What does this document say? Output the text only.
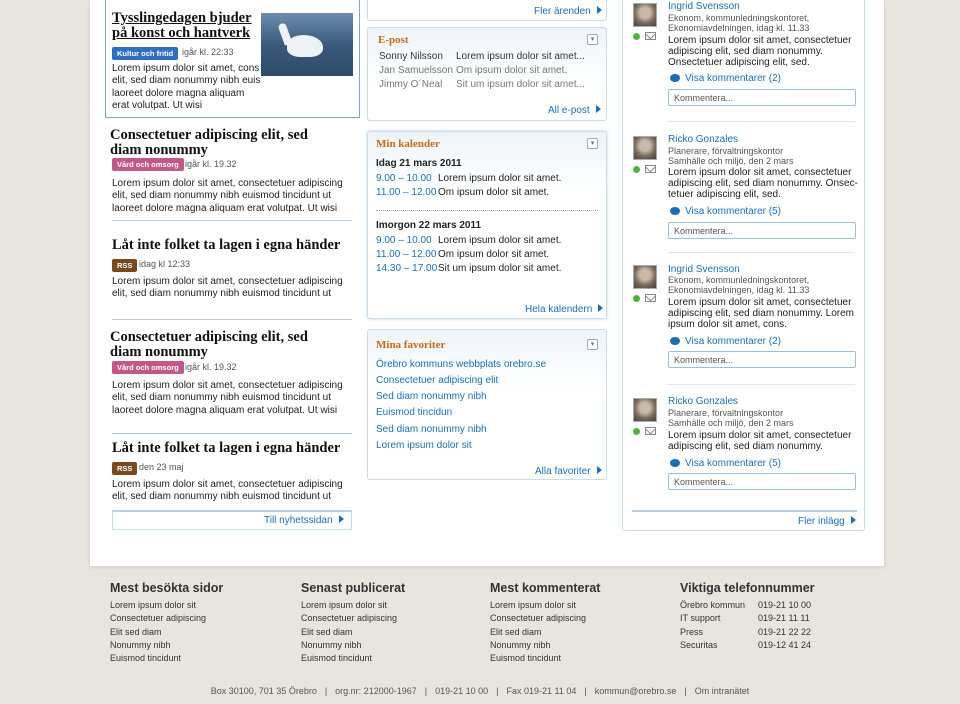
Tysslingedagen bjuder på konst och hantverk
Kultur och fritid igår kl. 22:33
Lorem ipsum dolor sit amet, cons elit, sed diam nonummy nibh euis laoreet dolore magna aliquam erat volutpat. Ut wisi
Consectetuer adipiscing elit, sed diam nonummy
Vård och omsorg igår kl. 19.32
Lorem ipsum dolor sit amet, consectetuer adipiscing elit, sed diam nonummy nibh euismod tincidunt ut laoreet dolore magna aliquam erat volutpat. Ut wisi
Låt inte folket ta lagen i egna händer
RSS idag kl 12:33
Lorem ipsum dolor sit amet, consectetuer adipiscing elit, sed diam nonummy nibh euismod tincidunt ut
Consectetuer adipiscing elit, sed diam nonummy
Vård och omsorg igår kl. 19.32
Lorem ipsum dolor sit amet, consectetuer adipiscing elit, sed diam nonummy nibh euismod tincidunt ut laoreet dolore magna aliquam erat volutpat. Ut wisi
Låt inte folket ta lagen i egna händer
RSS den 23 maj
Lorem ipsum dolor sit amet, consectetuer adipiscing elit, sed diam nonummy nibh euismod tincidunt ut
Till nyhetssidan
Fler ärenden
E-post	▾
Sonny Nilsson Lorem ipsum dolor sit amet...
Jan Samuelsson Om ipsum dolor sit amet.
Jimmy O´Neal Sit um ipsum dolor sit amet...
All e-post
Min kalender	▾
Idag 21 mars 2011
9.00 – 10.00 Lorem ipsum dolor sit amet.
11.00 – 12.00 Om ipsum dolor sit amet.
Imorgon 22 mars 2011
9.00 – 10.00 Lorem ipsum dolor sit amet.
11.00 – 12.00 Om ipsum dolor sit amet.
14.30 – 17.00Sit um ipsum dolor sit amet.
Hela kalendern
Mina favoriter	▾
Örebro kommuns webbplats orebro.se
Consectetuer adipiscing elit
Sed diam nonummy nibh
Euismod tincidun
Sed diam nonummy nibh
Lorem ipsum dolor sit
Alla favoriter
Ingrid Svensson
Ekonom, kommunledningskontoret,
Ekonomiavdelningen, idag kl. 11.33
Lorem ipsum dolor sit amet, consectetuer
adipiscing elit, sed diam nonummy.
Onsectetuer adipiscing elit, sed.
Visa kommentarer (2)
Kommentera...
Ricko Gonzales
Planerare, förvaltningskontor
Samhälle och miljö, den 2 mars
Lorem ipsum dolor sit amet, consectetuer
adipiscing elit, sed diam nonummy. Onsec-
tetuer adipiscing elit, sed.
Visa kommentarer (5)
Kommentera...
Ingrid Svensson
Ekonom, kommunledningskontoret,
Ekonomiavdelningen, idag kl. 11.33
Lorem ipsum dolor sit amet, consectetuer
adipiscing elit, sed diam nonummy. Lorem
ipsum dolor sit amet, cons.
Visa kommentarer (2)
Kommentera...
Ricko Gonzales
Planerare, förvaltningskontor
Samhälle och miljö, den 2 mars
Lorem ipsum dolor sit amet, consectetuer
adipiscing elit, sed diam nonummy.
Visa kommentarer (5)
Kommentera...
Fler inlägg
Mest besökta sidor
Lorem ipsum dolor sit
Consectetuer adipiscing
Elit sed diam
Nonummy nibh
Euismod tincidunt
Senast publicerat
Lorem ipsum dolor sit
Consectetuer adipiscing
Elit sed diam
Nonummy nibh
Euismod tincidunt
Mest kommenterat
Lorem ipsum dolor sit
Consectetuer adipiscing
Elit sed diam
Nonummy nibh
Euismod tincidunt
Viktiga telefonnummer
Örebro kommun 019-21 10 00
IT support	019-21 11 11
Press	019-21 22 22
Securitas	019-12 41 24
Box 30100, 701 35 Örebro | org.nr: 212000-1967 | 019-21 10 00 | Fax 019-21 11 04 | kommun@orebro.se | Om intranätet
